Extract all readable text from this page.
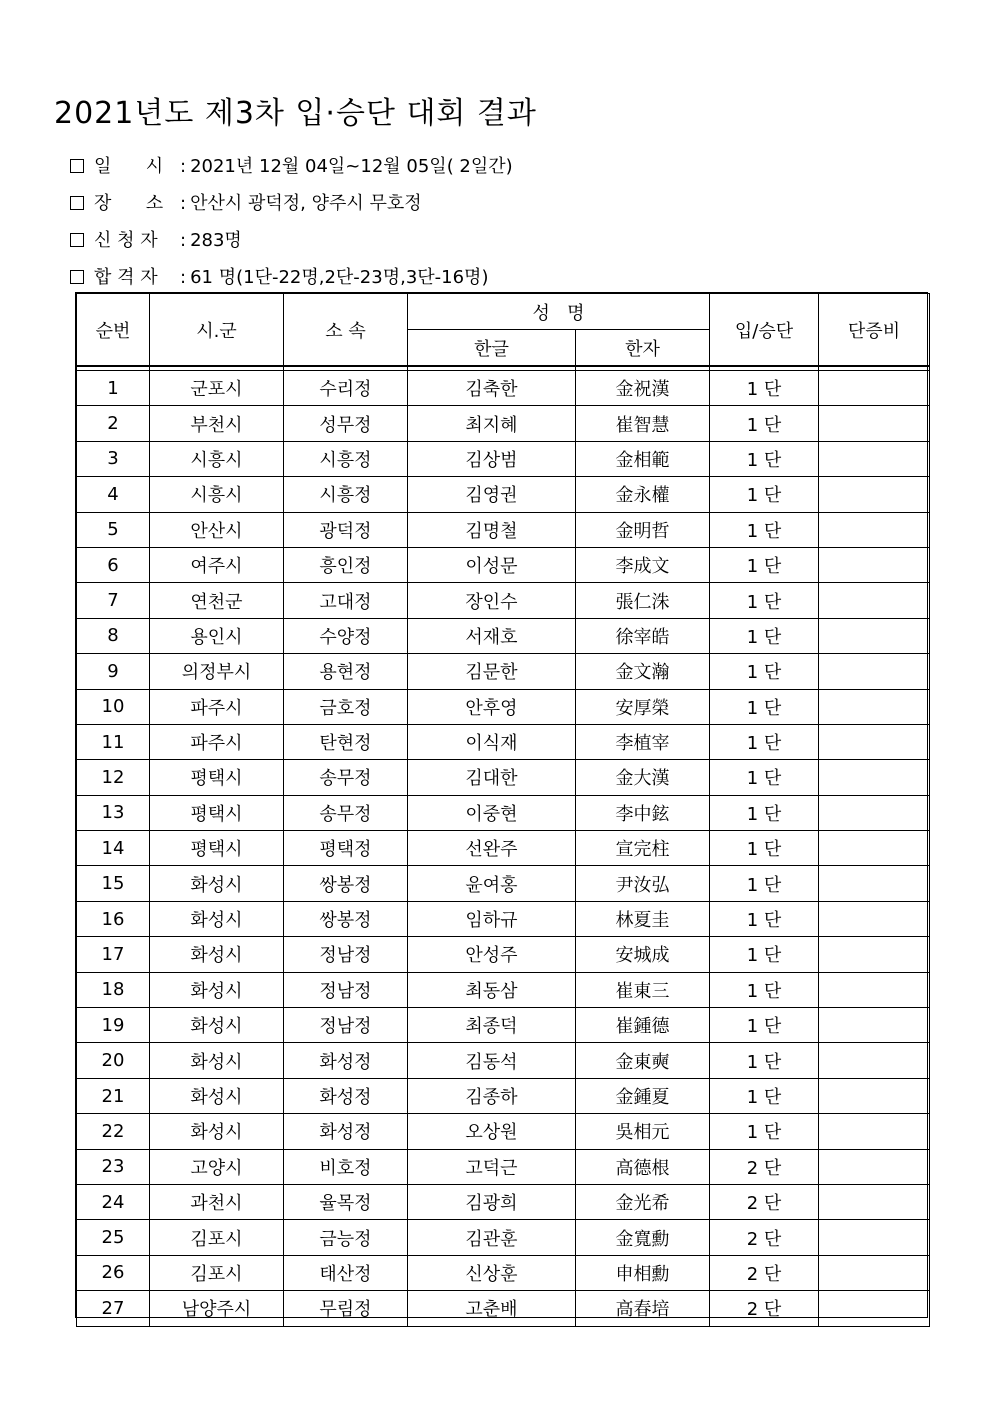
2021년도 제3차 입·승단 대회 결과
일      시 : 2021년 12월 04일~12월 05일( 2일간)
장      소 : 안산시 광덕정, 양주시 무호정
신 청 자 : 283명
합 격 자 : 61 명(1단-22명,2단-23명,3단-16명)
순번	시.군	소 속	성   명		입/승단	단증비
			한글	한자		

1	군포시	수리정	김축한	金祝漢	1 단	
2	부천시	성무정	최지혜	崔智慧	1 단	
3	시흥시	시흥정	김상범	金相範	1 단	
4	시흥시	시흥정	김영권	金永權	1 단	
5	안산시	광덕정	김명철	金明哲	1 단	
6	여주시	흥인정	이성문	李成文	1 단	
7	연천군	고대정	장인수	張仁洙	1 단	
8	용인시	수양정	서재호	徐宰皓	1 단	
9	의정부시	용현정	김문한	金文瀚	1 단	
10	파주시	금호정	안후영	安厚榮	1 단	
11	파주시	탄현정	이식재	李植宰	1 단	
12	평택시	송무정	김대한	金大漢	1 단	
13	평택시	송무정	이중현	李中鉉	1 단	
14	평택시	평택정	선완주	宣完柱	1 단	
15	화성시	쌍봉정	윤여홍	尹汝弘	1 단	
16	화성시	쌍봉정	임하규	林夏圭	1 단	
17	화성시	정남정	안성주	安城成	1 단	
18	화성시	정남정	최동삼	崔東三	1 단	
19	화성시	정남정	최종덕	崔鍾德	1 단	
20	화성시	화성정	김동석	金東奭	1 단	
21	화성시	화성정	김종하	金鍾夏	1 단	
22	화성시	화성정	오상원	吳相元	1 단	
23	고양시	비호정	고덕근	高德根	2 단	
24	과천시	율목정	김광희	金光希	2 단	
25	김포시	금능정	김관훈	金寬勳	2 단	
26	김포시	태산정	신상훈	申相勳	2 단	
27	남양주시	무림정	고춘배	高春培	2 단	
